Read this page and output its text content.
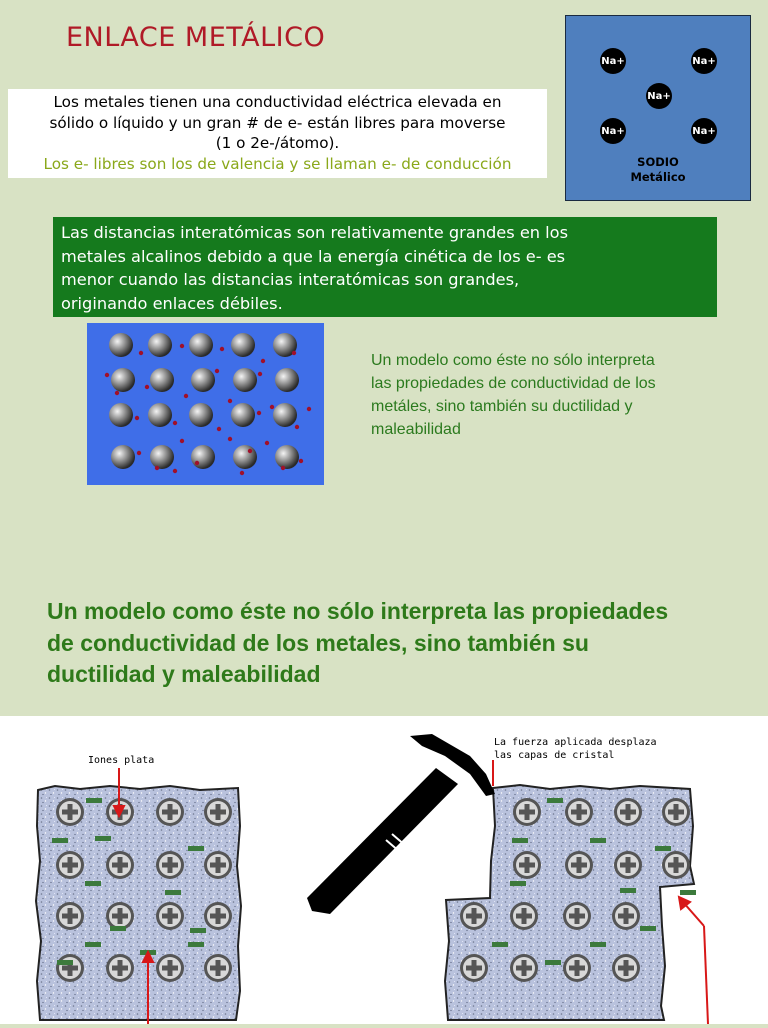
ENLACE METÁLICO
Los metales tienen una conductividad eléctrica elevada en
sólido o líquido y un gran # de e- están libres para moverse
(1 o 2e-/átomo).
Los e- libres son los de valencia y se llaman e- de conducción
Na+	Na+
Na+
Na+	Na+
SODIO
Metálico
Las distancias interatómicas son relativamente grandes en los
metales alcalinos debido a que la energía cinética de los e- es
menor cuando las distancias interatómicas son grandes,
originando enlaces débiles.
Un modelo como éste no sólo interpreta
las propiedades de conductividad de los
metáles, sino también su ductilidad y
maleabilidad
Un modelo como éste no sólo interpreta las propiedades
de conductividad de los metales, sino también su
ductilidad y maleabilidad
Iones plata
La fuerza aplicada desplaza
las capas de cristal
